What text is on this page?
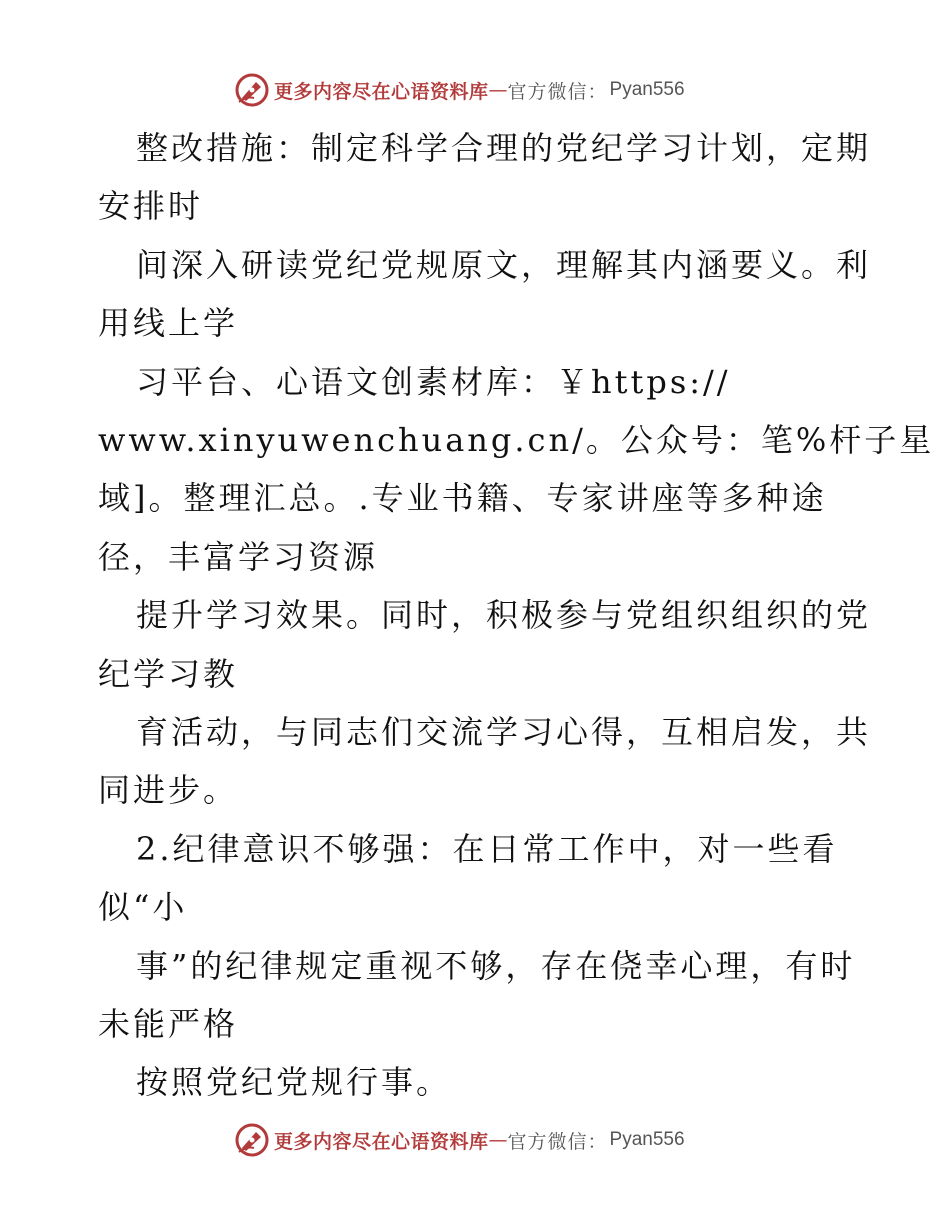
更多内容尽在心语资料库 — 官方微信： Pyan556
整改措施：制定科学合理的党纪学习计划，定期
安排时
间深入研读党纪党规原文，理解其内涵要义。利
用线上学
习平台、心语文创素材库：￥https://
www.xinyuwenchuang.cn/。公众号：笔%杆子星
域]。整理汇总。.专业书籍、专家讲座等多种途
径，丰富学习资源
提升学习效果。同时，积极参与党组织组织的党
纪学习教
育活动，与同志们交流学习心得，互相启发，共
同进步。
2.纪律意识不够强：在日常工作中，对一些看
似“小
事”的纪律规定重视不够，存在侥幸心理，有时
未能严格
按照党纪党规行事。
更多内容尽在心语资料库 — 官方微信： Pyan556
